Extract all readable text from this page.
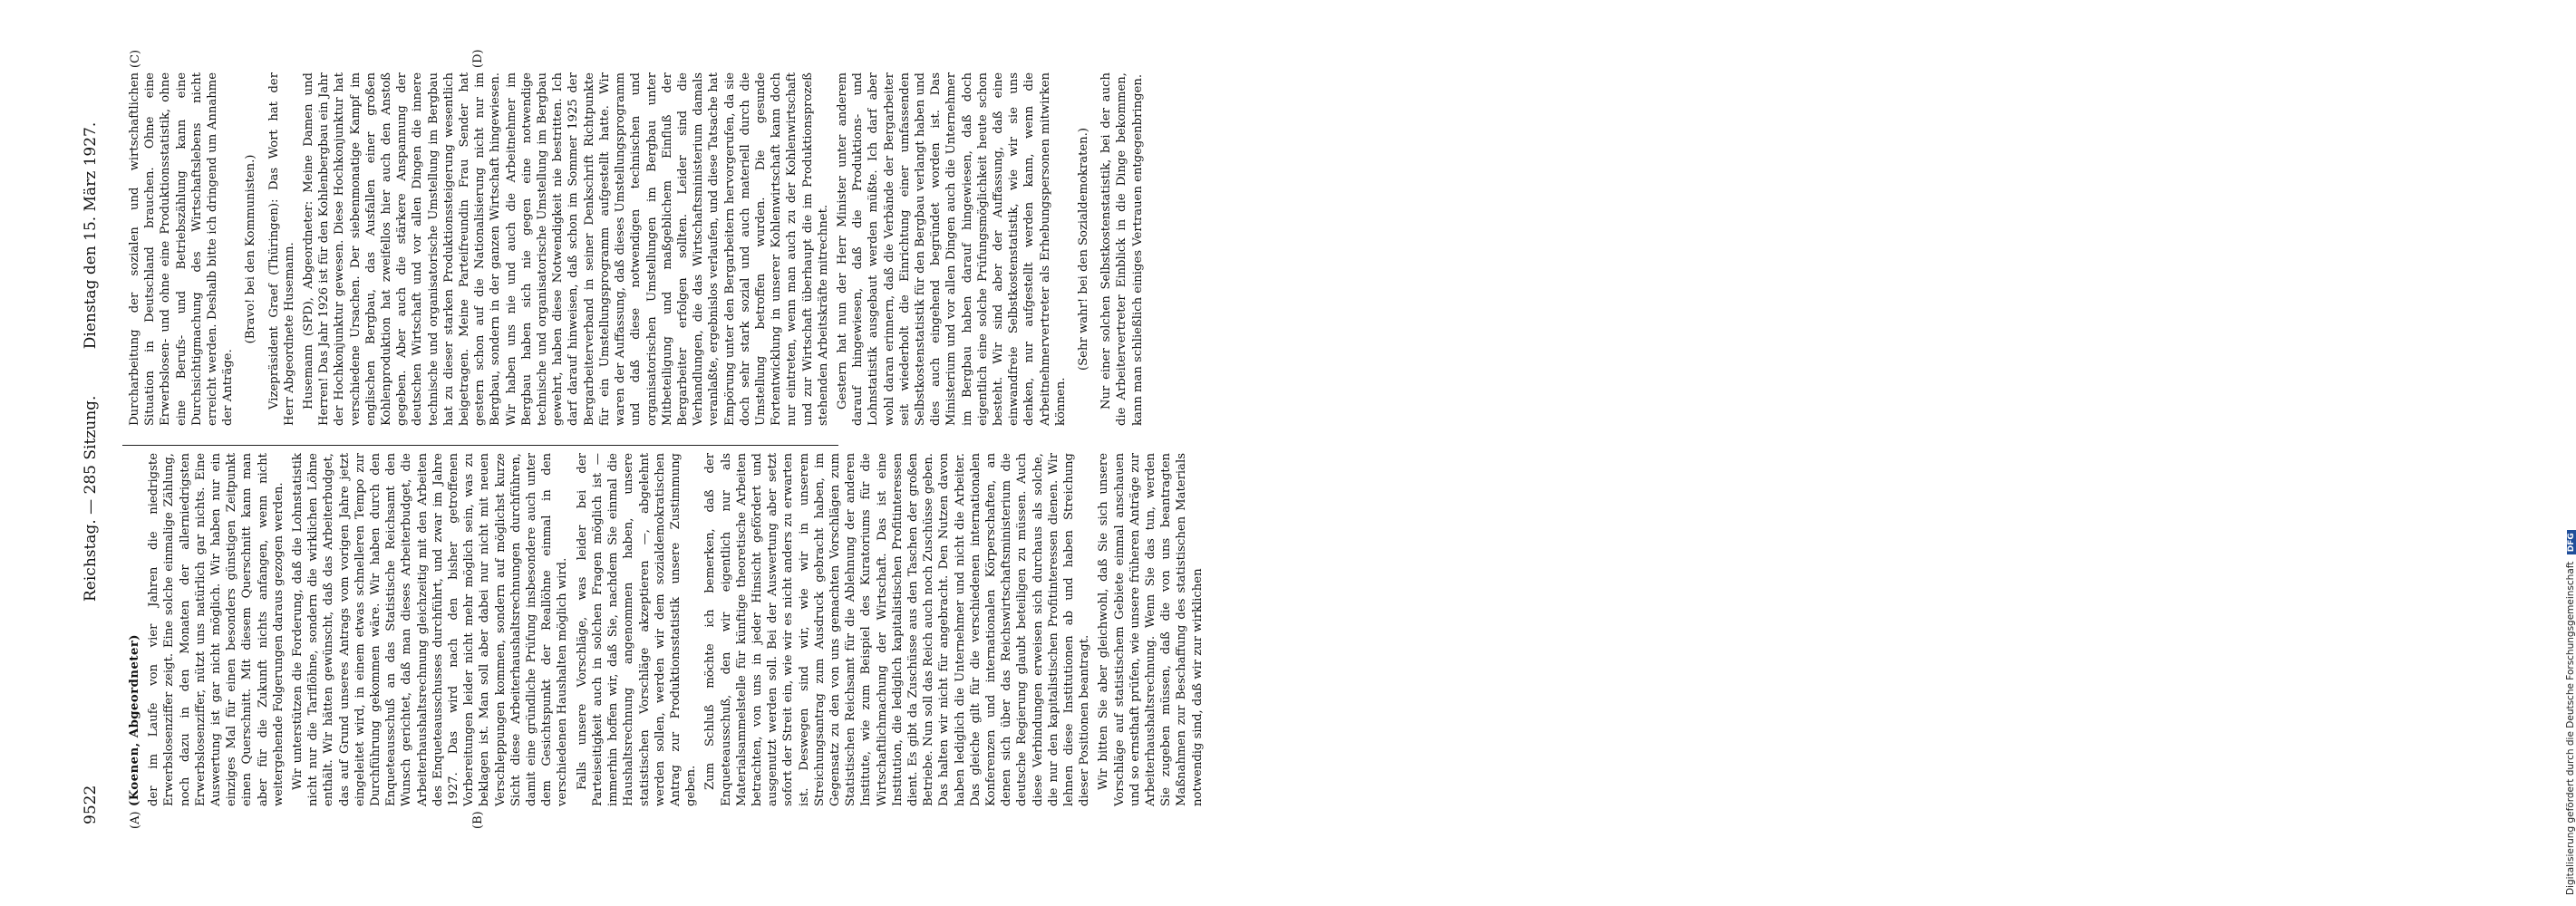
9522
Reichstag. — 285 Sitzung.
Dienstag den 15. März 1927.
(A)	(B)
(C)	(D)

(Koenen, Abgeordneter) der im Laufe von vier Jahren die niedrigste Erwerbslosenziffer zeigt. Eine solche einmalige Zählung, noch dazu in den Monaten der allerniedrigsten Erwerbslosenziffer, nützt uns natürlich gar nichts. Eine Auswertung ist gar nicht möglich. Wir haben nur ein einziges Mal für einen besonders günstigen Zeitpunkt einen Querschnitt. Mit diesem Querschnitt kann man aber für die Zukunft nichts anfangen, wenn nicht weitergehende Folgerungen daraus gezogen werden. Wir unterstützen die Forderung, daß die Lohnstatistik nicht nur die Tariflöhne, sondern die wirklichen Löhne enthält. Wir hätten gewünscht, daß das Arbeiterbudget, das auf Grund unseres Antrags vom vorigen Jahre jetzt eingeleitet wird, in einem etwas schnelleren Tempo zur Durchführung gekommen wäre. Wir haben durch den Enqueteausschuß an das Statistische Reichsamt den Wunsch gerichtet, daß man dieses Arbeiterbudget, die Arbeiterhaushaltsrechnung gleichzeitig mit den Arbeiten des Enqueteausschusses durchführt, und zwar im Jahre 1927. Das wird nach den bisher getroffenen Vorbereitungen leider nicht mehr möglich sein, was zu beklagen ist. Man soll aber dabei nur nicht mit neuen Verschleppungen kommen, sondern auf möglichst kurze Sicht diese Arbeiterhaushaltsrechnungen durchführen, damit eine gründliche Prüfung insbesondere auch unter dem Gesichtspunkt der Reallöhne einmal in den verschiedenen Haushalten möglich wird. Falls unsere Vorschläge, was leider bei der Parteiseitigkeit auch in solchen Fragen möglich ist — immerhin hoffen wir, daß Sie, nachdem Sie einmal die Haushaltsrechnung angenommen haben, unsere statistischen Vorschläge akzeptieren —, abgelehnt werden sollen, werden wir dem sozialdemokratischen Antrag zur Produktionsstatistik unsere Zustimmung geben. Zum Schluß möchte ich bemerken, daß der Enqueteausschuß, den wir eigentlich nur als Materialsammelstelle für künftige theoretische Arbeiten betrachten, von uns in jeder Hinsicht gefördert und ausgenutzt werden soll. Bei der Auswertung aber setzt sofort der Streit ein, wie wir es nicht anders zu erwarten ist. Deswegen sind wir, wie wir in unserem Streichungsantrag zum Ausdruck gebracht haben, im Gegensatz zu den von uns gemachten Vorschlägen zum Statistischen Reichsamt für die Ablehnung der anderen Institute, wie zum Beispiel des Kuratoriums für die Wirtschaftlichmachung der Wirtschaft. Das ist eine Institution, die lediglich kapitalistischen Profitinteressen dient. Es gibt da Zuschüsse aus den Taschen der großen Betriebe. Nun soll das Reich auch noch Zuschüsse geben. Das halten wir nicht für angebracht. Den Nutzen davon haben lediglich die Unternehmer und nicht die Arbeiter. Das gleiche gilt für die verschiedenen internationalen Konferenzen und internationalen Körperschaften, an denen sich über das Reichswirtschaftsministerium die deutsche Regierung glaubt beteiligen zu müssen. Auch diese Verbindungen erweisen sich durchaus als solche, die nur den kapitalistischen Profitinteressen dienen. Wir lehnen diese Institutionen ab und haben Streichung dieser Positionen beantragt. Wir bitten Sie aber gleichwohl, daß Sie sich unsere Vorschläge auf statistischem Gebiete einmal anschauen und so ernsthaft prüfen, wie unsere früheren Anträge zur Arbeiterhaushaltsrechnung. Wenn Sie das tun, werden Sie zugeben müssen, daß die von uns beantragten Maßnahmen zur Beschaffung des statistischen Materials notwendig sind, daß wir zur wirklichen

Durcharbeitung der sozialen und wirtschaftlichen Situation in Deutschland brauchen. Ohne eine Erwerbslosen- und ohne eine Produktionsstatistik, ohne eine Berufs- und Betriebszählung kann eine Durchsichtigmachung des Wirtschaftslebens nicht erreicht werden. Deshalb bitte ich dringend um Annahme der Anträge.

(Bravo! bei den Kommunisten.) Vizepräsident Graef (Thüringen): Das Wort hat der Herr Abgeordnete Husemann. Husemann (SPD), Abgeordneter: Meine Damen und Herren! Das Jahr 1926 ist für den Kohlenbergbau ein Jahr der Hochkonjunktur gewesen. Diese Hochkonjunktur hat verschiedene Ursachen. Der siebenmonatige Kampf im englischen Bergbau, das Ausfallen einer großen Kohlenproduktion hat zweifellos hier auch den Anstoß gegeben. Aber auch die stärkere Anspannung der deutschen Wirtschaft und vor allen Dingen die innere technische und organisatorische Umstellung im Bergbau hat zu dieser starken Produktionssteigerung wesentlich beigetragen. Meine Parteifreundin Frau Sender hat gestern schon auf die Nationalisierung nicht nur im Bergbau, sondern in der ganzen Wirtschaft hingewiesen. Wir haben uns nie und auch die Arbeitnehmer im Bergbau haben sich nie gegen eine notwendige technische und organisatorische Umstellung im Bergbau gewehrt, haben diese Notwendigkeit nie bestritten. Ich darf darauf hinweisen, daß schon im Sommer 1925 der Bergarbeiterverband in seiner Denkschrift Richtpunkte für ein Umstellungsprogramm aufgestellt hatte. Wir waren der Auffassung, daß dieses Umstellungsprogramm und daß diese notwendigen technischen und organisatorischen Umstellungen im Bergbau unter Mitbeteiligung und maßgeblichem Einfluß der Bergarbeiter erfolgen sollten. Leider sind die Verhandlungen, die das Wirtschaftsministerium damals veranlaßte, ergebnislos verlaufen, und diese Tatsache hat Empörung unter den Bergarbeitern hervorgerufen, da sie doch sehr stark sozial und auch materiell durch die Umstellung betroffen wurden. Die gesunde Fortentwicklung in unserer Kohlenwirtschaft kann doch nur eintreten, wenn man auch zu der Kohlenwirtschaft und zur Wirtschaft überhaupt die im Produktionsprozeß stehenden Arbeitskräfte mitrechnet. Gestern hat nun der Herr Minister unter anderem darauf hingewiesen, daß die Produktions- und Lohnstatistik ausgebaut werden müßte. Ich darf aber wohl daran erinnern, daß die Verbände der Bergarbeiter seit wiederholt die Einrichtung einer umfassenden Selbstkostenstatistik für den Bergbau verlangt haben und dies auch eingehend begründet worden ist. Das Ministerium und vor allen Dingen auch die Unternehmer im Bergbau haben darauf hingewiesen, daß doch eigentlich eine solche Prüfungsmöglichkeit heute schon besteht. Wir sind aber der Auffassung, daß eine einwandfreie Selbstkostenstatistik, wie wir sie uns denken, nur aufgestellt werden kann, wenn die Arbeitnehmervertreter als Erhebungspersonen mitwirken können.

(Sehr wahr! bei den Sozialdemokraten.) Nur einer solchen Selbstkostenstatistik, bei der auch die Arbeitervertreter Einblick in die Dinge bekommen, kann man schließlich einiges Vertrauen entgegenbringen.

Digitalisierung gefördert durch die Deutsche Forschungsgemeinschaft DFG
